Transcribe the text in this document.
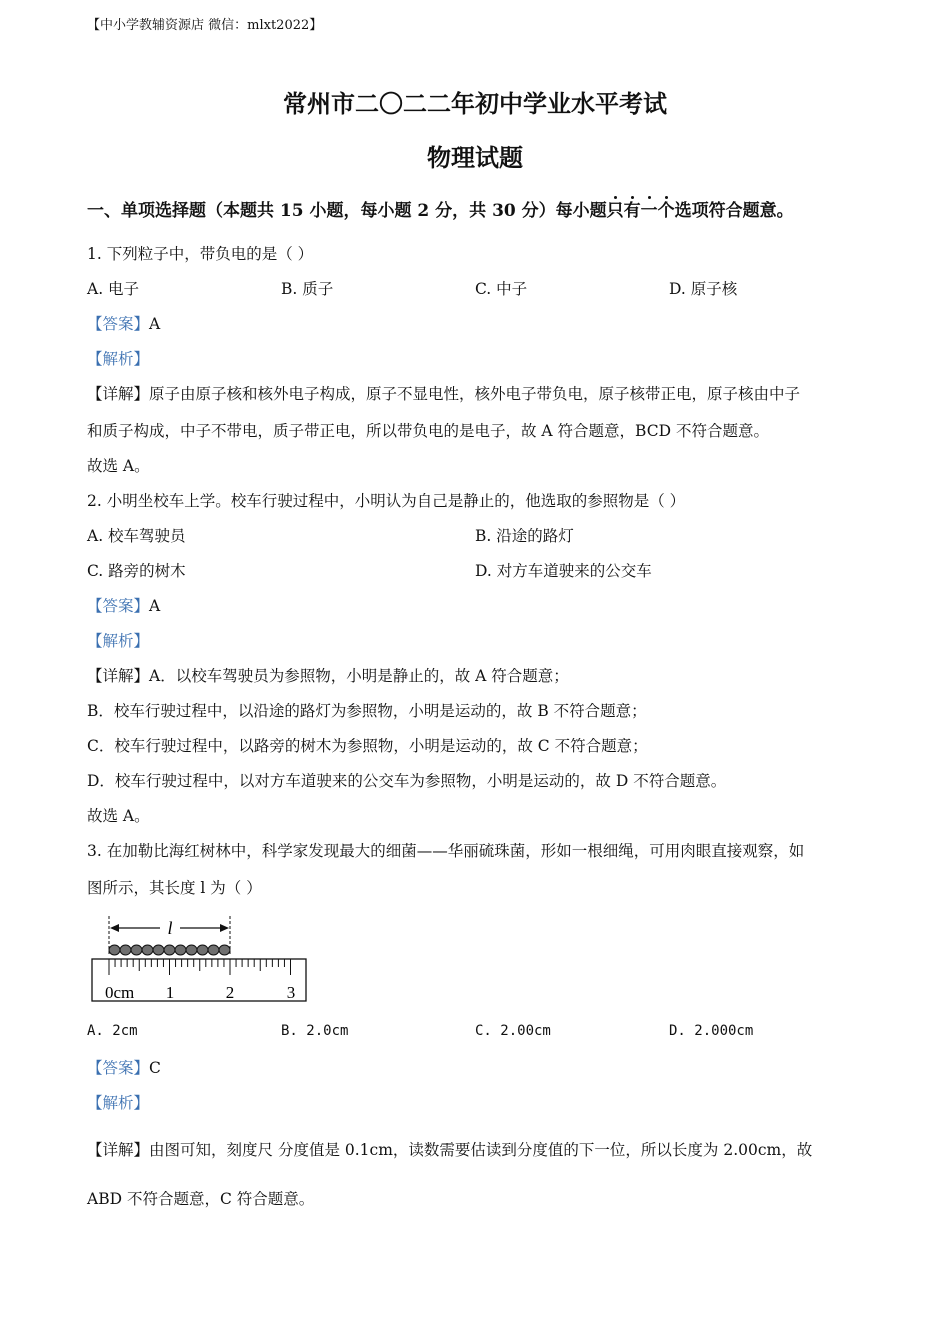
【中小学教辅资源店 微信：mlxt2022】
常州市二〇二二年初中学业水平考试
物理试题
一、单项选择题（本题共 15 小题，每小题 2 分，共 30 分）每小题只有一个选项符合题意。
1. 下列粒子中，带负电的是（ ）
A. 电子	B. 质子	C. 中子	D. 原子核
【答案】A
【解析】
【详解】原子由原子核和核外电子构成，原子不显电性，核外电子带负电，原子核带正电，原子核由中子
和质子构成，中子不带电，质子带正电，所以带负电的是电子，故 A 符合题意，BCD 不符合题意。
故选 A。
2. 小明坐校车上学。校车行驶过程中，小明认为自己是静止的，他选取的参照物是（ ）
A. 校车驾驶员	B. 沿途的路灯
C. 路旁的树木	D. 对方车道驶来的公交车
【答案】A
【解析】
【详解】A．以校车驾驶员为参照物，小明是静止的，故 A 符合题意；
B．校车行驶过程中，以沿途的路灯为参照物，小明是运动的，故 B 不符合题意；
C．校车行驶过程中，以路旁的树木为参照物，小明是运动的，故 C 不符合题意；
D．校车行驶过程中，以对方车道驶来的公交车为参照物，小明是运动的，故 D 不符合题意。
故选 A。
3. 在加勒比海红树林中，科学家发现最大的细菌——华丽硫珠菌，形如一根细绳，可用肉眼直接观察，如
图所示，其长度 l 为（ ）
l
0cm 1	2	3
A. 2cm	B. 2.0cm	C. 2.00cm	D. 2.000cm
【答案】C
【解析】
【详解】由图可知，刻度尺 分度值是 0.1cm，读数需要估读到分度值的下一位，所以长度为 2.00cm，故
ABD 不符合题意，C 符合题意。
